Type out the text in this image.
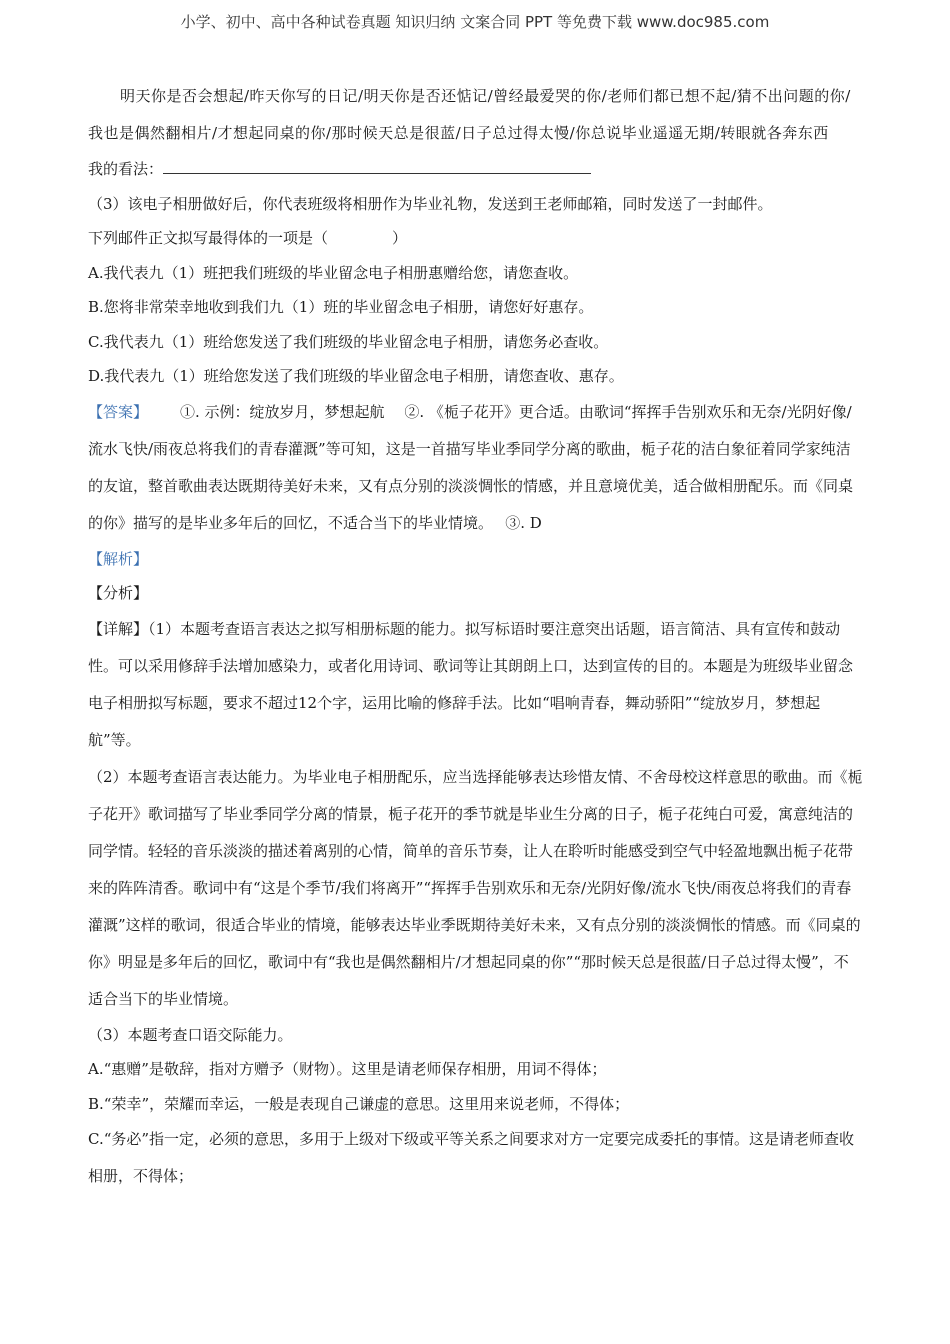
小学、初中、高中各种试卷真题 知识归纳 文案合同 PPT 等免费下载 www.doc985.com

明天你是否会想起/昨天你写的日记/明天你是否还惦记/曾经最爱哭的你/老师们都已想不起/猜不出问题的你/我也是偶然翻相片/才想起同桌的你/那时候天总是很蓝/日子总过得太慢/你总说毕业遥遥无期/转眼就各奔东西

我的看法：

（3）该电子相册做好后，你代表班级将相册作为毕业礼物，发送到王老师邮箱，同时发送了一封邮件。

下列邮件正文拟写最得体的一项是（	）

A.我代表九（1）班把我们班级的毕业留念电子相册惠赠给您，请您查收。

B.您将非常荣幸地收到我们九（1）班的毕业留念电子相册，请您好好惠存。

C.我代表九（1）班给您发送了我们班级的毕业留念电子相册，请您务必查收。

D.我代表九（1）班给您发送了我们班级的毕业留念电子相册，请您查收、惠存。

【答案】 ①. 示例：绽放岁月，梦想起航　 ②. 《栀子花开》更合适。由歌词“挥挥手告别欢乐和无奈/光阴好像/流水飞快/雨夜总将我们的青春灌溉”等可知，这是一首描写毕业季同学分离的歌曲，栀子花的洁白象征着同学家纯洁的友谊，整首歌曲表达既期待美好未来，又有点分别的淡淡惆怅的情感，并且意境优美，适合做相册配乐。而《同桌的你》描写的是毕业多年后的回忆，不适合当下的毕业情境。　 ③. D

【解析】

【分析】

【详解】（1）本题考查语言表达之拟写相册标题的能力。拟写标语时要注意突出话题，语言简洁、具有宣传和鼓动性。可以采用修辞手法增加感染力，或者化用诗词、歌词等让其朗朗上口，达到宣传的目的。本题是为班级毕业留念电子相册拟写标题，要求不超过12个字，运用比喻的修辞手法。比如“唱响青春，舞动骄阳”“绽放岁月，梦想起航”等。

（2）本题考查语言表达能力。为毕业电子相册配乐，应当选择能够表达珍惜友情、不舍母校这样意思的歌曲。而《栀子花开》歌词描写了毕业季同学分离的情景，栀子花开的季节就是毕业生分离的日子，栀子花纯白可爱，寓意纯洁的同学情。轻轻的音乐淡淡的描述着离别的心情，简单的音乐节奏，让人在聆听时能感受到空气中轻盈地飘出栀子花带来的阵阵清香。歌词中有“这是个季节/我们将离开”“挥挥手告别欢乐和无奈/光阴好像/流水飞快/雨夜总将我们的青春灌溉”这样的歌词，很适合毕业的情境，能够表达毕业季既期待美好未来，又有点分别的淡淡惆怅的情感。而《同桌的你》明显是多年后的回忆，歌词中有“我也是偶然翻相片/才想起同桌的你”“那时候天总是很蓝/日子总过得太慢”，不适合当下的毕业情境。

（3）本题考查口语交际能力。

A.“惠赠”是敬辞，指对方赠予（财物）。这里是请老师保存相册，用词不得体；

B.“荣幸”，荣耀而幸运，一般是表现自己谦虚的意思。这里用来说老师，不得体；

C.“务必”指一定，必须的意思，多用于上级对下级或平等关系之间要求对方一定要完成委托的事情。这是请老师查收相册，不得体；
